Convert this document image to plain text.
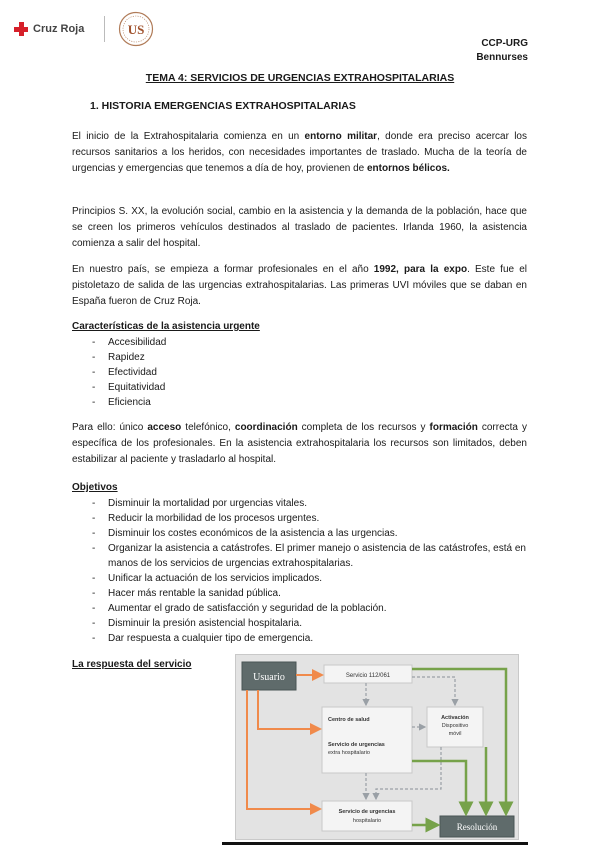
Cruz Roja	US
CCP-URG
Bennurses
TEMA 4: SERVICIOS DE URGENCIAS EXTRAHOSPITALARIAS
1. HISTORIA EMERGENCIAS EXTRAHOSPITALARIAS

El inicio de la Extrahospitalaria comienza en un entorno militar, donde era preciso acercar los recursos sanitarios a los heridos, con necesidades importantes de traslado. Mucha de la teoría de urgencias y emergencias que tenemos a día de hoy, provienen de entornos bélicos.

Principios S. XX, la evolución social, cambio en la asistencia y la demanda de la población, hace que se creen los primeros vehículos destinados al traslado de pacientes. Irlanda 1960, la asistencia comienza a salir del hospital.

En nuestro país, se empieza a formar profesionales en el año 1992, para la expo. Este fue el pistoletazo de salida de las urgencias extrahospitalarias. Las primeras UVI móviles que se daban en España fueron de Cruz Roja.

Características de la asistencia urgente
- Accesibilidad
- Rapidez
- Efectividad
- Equitatividad
- Eficiencia

Para ello: único acceso telefónico, coordinación completa de los recursos y formación correcta y específica de los profesionales. En la asistencia extrahospitalaria los recursos son limitados, deben estabilizar al paciente y trasladarlo al hospital.

Objetivos
- Disminuir la mortalidad por urgencias vitales.
- Reducir la morbilidad de los procesos urgentes.
- Disminuir los costes económicos de la asistencia a las urgencias.
- Organizar la asistencia a catástrofes. El primer manejo o asistencia de las catástrofes, está en manos de los servicios de urgencias extrahospitalarias.
- Unificar la actuación de los servicios implicados.
- Hacer más rentable la sanidad pública.
- Aumentar el grado de satisfacción y seguridad de la población.
- Disminuir la presión asistencial hospitalaria.
- Dar respuesta a cualquier tipo de emergencia.
La respuesta del servicio
Usuario	Servicio 112/061
Centro de salud
Servicio de urgencias
extra hospitalario
Activación
Dispositivo
móvil
Servicio de urgencias
hospitalario
Resolución
